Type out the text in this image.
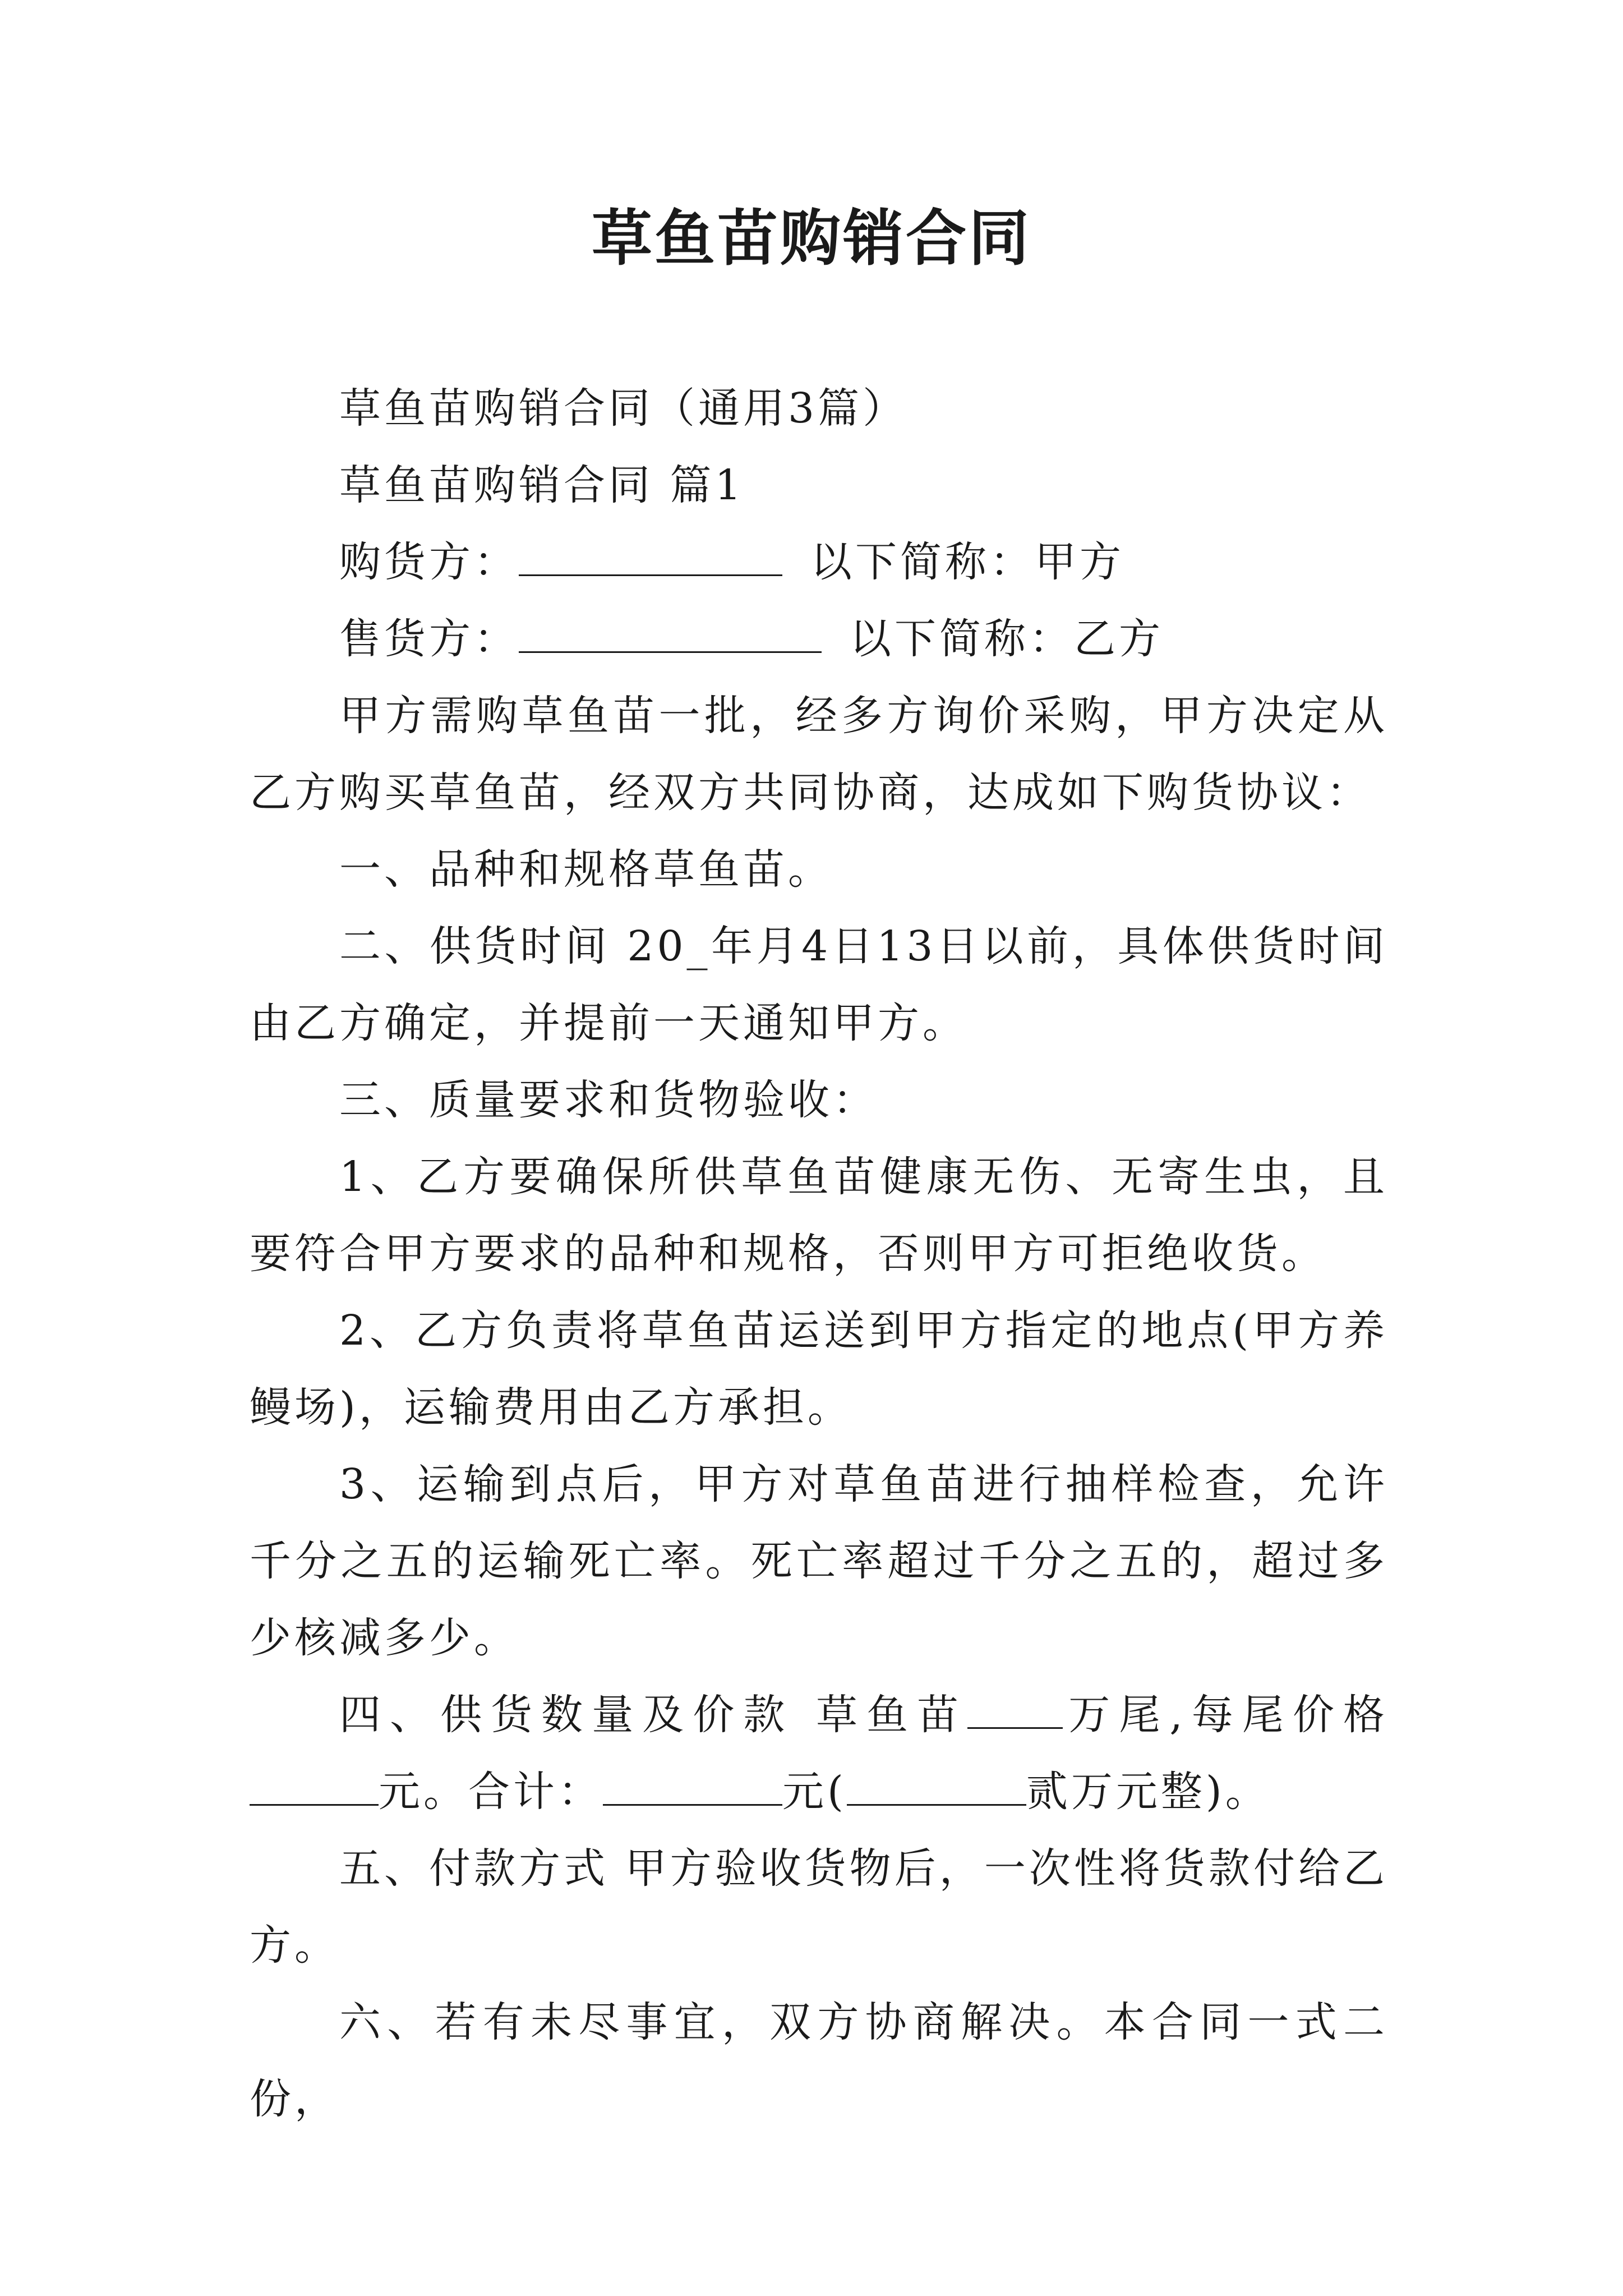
草鱼苗购销合同

草鱼苗购销合同（通用3篇）

草鱼苗购销合同 篇1

购货方：	以下简称：甲方

售货方：	以下简称：乙方

甲方需购草鱼苗一批，经多方询价采购，甲方决定从乙方购买草鱼苗，经双方共同协商，达成如下购货协议：

一、品种和规格草鱼苗。

二、供货时间 20_年月4日13日以前，具体供货时间由乙方确定，并提前一天通知甲方。

三、质量要求和货物验收：

1、乙方要确保所供草鱼苗健康无伤、无寄生虫，且要符合甲方要求的品种和规格，否则甲方可拒绝收货。

2、乙方负责将草鱼苗运送到甲方指定的地点(甲方养鳗场)，运输费用由乙方承担。

3、运输到点后，甲方对草鱼苗进行抽样检查，允许千分之五的运输死亡率。死亡率超过千分之五的，超过多少核减多少。

四、供货数量及价款 草鱼苗 万尾,每尾价格元。合计：	元(	贰万元整)。

五、付款方式 甲方验收货物后，一次性将货款付给乙方。

六、若有未尽事宜，双方协商解决。本合同一式二份，
